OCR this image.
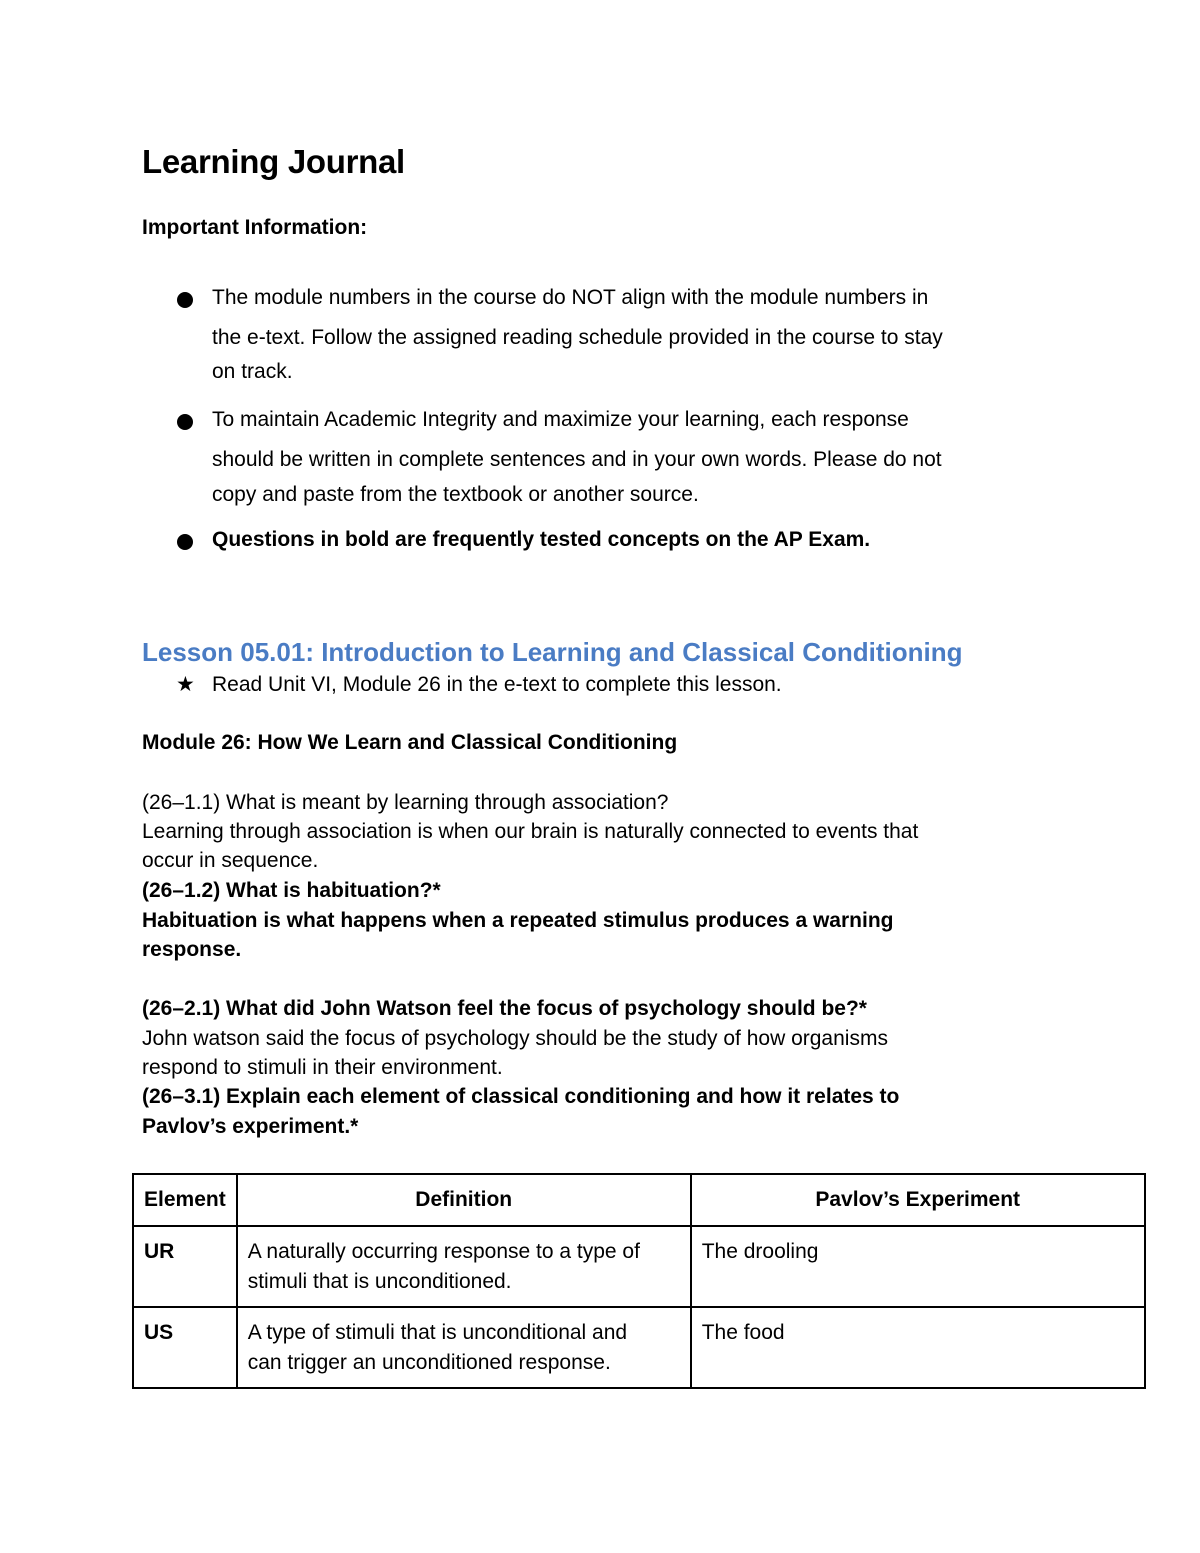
Learning Journal

Important Information:

The module numbers in the course do NOT align with the module numbers in
the e-text. Follow the assigned reading schedule provided in the course to stay
on track.

To maintain Academic Integrity and maximize your learning, each response
should be written in complete sentences and in your own words. Please do not
copy and paste from the textbook or another source.

Questions in bold are frequently tested concepts on the AP Exam.

Lesson 05.01: Introduction to Learning and Classical Conditioning
★ Read Unit VI, Module 26 in the e-text to complete this lesson.

Module 26: How We Learn and Classical Conditioning

(26–1.1) What is meant by learning through association?

Learning through association is when our brain is naturally connected to events that

occur in sequence.

(26–1.2) What is habituation?*

Habituation is what happens when a repeated stimulus produces a warning

response.

(26–2.1) What did John Watson feel the focus of psychology should be?*

John watson said the focus of psychology should be the study of how organisms

respond to stimuli in their environment.

(26–3.1) Explain each element of classical conditioning and how it relates to

Pavlov’s experiment.*

Element	Definition	Pavlov’s Experiment
UR	A naturally occurring response to a type of
stimuli that is unconditioned.	The drooling
US	A type of stimuli that is unconditional and
can trigger an unconditioned response.	The food
